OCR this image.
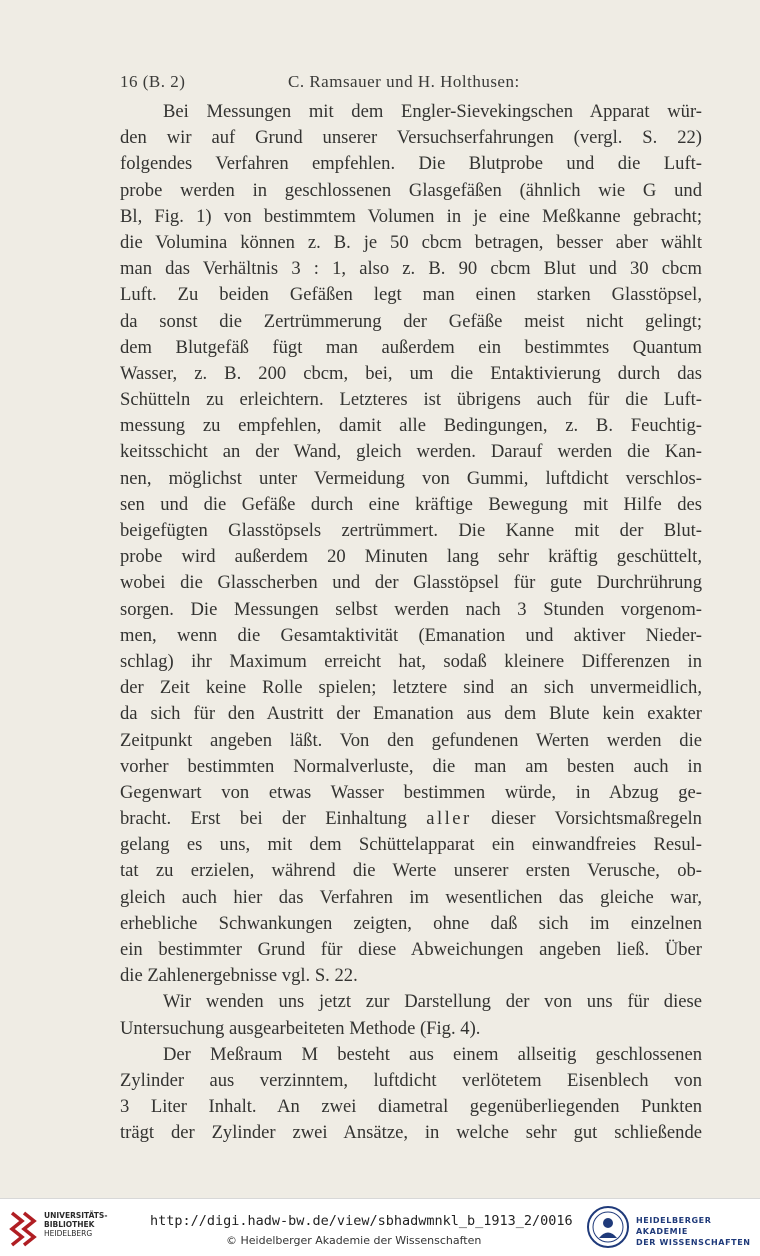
16 (B. 2)	C. Ramsauer und H. Holthusen:
Bei Messungen mit dem Engler-Sievekingschen Apparat wür-
den wir auf Grund unserer Versuchserfahrungen (vergl. S. 22)
folgendes Verfahren empfehlen. Die Blutprobe und die Luft-
probe werden in geschlossenen Glasgefäßen (ähnlich wie G und
Bl, Fig. 1) von bestimmtem Volumen in je eine Meßkanne gebracht;
die Volumina können z. B. je 50 cbcm betragen, besser aber wählt
man das Verhältnis 3 : 1, also z. B. 90 cbcm Blut und 30 cbcm
Luft. Zu beiden Gefäßen legt man einen starken Glasstöpsel,
da sonst die Zertrümmerung der Gefäße meist nicht gelingt;
dem Blutgefäß fügt man außerdem ein bestimmtes Quantum
Wasser, z. B. 200 cbcm, bei, um die Entaktivierung durch das
Schütteln zu erleichtern. Letzteres ist übrigens auch für die Luft-
messung zu empfehlen, damit alle Bedingungen, z. B. Feuchtig-
keitsschicht an der Wand, gleich werden. Darauf werden die Kan-
nen, möglichst unter Vermeidung von Gummi, luftdicht verschlos-
sen und die Gefäße durch eine kräftige Bewegung mit Hilfe des
beigefügten Glasstöpsels zertrümmert. Die Kanne mit der Blut-
probe wird außerdem 20 Minuten lang sehr kräftig geschüttelt,
wobei die Glasscherben und der Glasstöpsel für gute Durchrührung
sorgen. Die Messungen selbst werden nach 3 Stunden vorgenom-
men, wenn die Gesamtaktivität (Emanation und aktiver Nieder-
schlag) ihr Maximum erreicht hat, sodaß kleinere Differenzen in
der Zeit keine Rolle spielen; letztere sind an sich unvermeidlich,
da sich für den Austritt der Emanation aus dem Blute kein exakter
Zeitpunkt angeben läßt. Von den gefundenen Werten werden die
vorher bestimmten Normalverluste, die man am besten auch in
Gegenwart von etwas Wasser bestimmen würde, in Abzug ge-
bracht. Erst bei der Einhaltung aller dieser Vorsichtsmaßregeln
gelang es uns, mit dem Schüttelapparat ein einwandfreies Resul-
tat zu erzielen, während die Werte unserer ersten Verusche, ob-
gleich auch hier das Verfahren im wesentlichen das gleiche war,
erhebliche Schwankungen zeigten, ohne daß sich im einzelnen
ein bestimmter Grund für diese Abweichungen angeben ließ. Über
die Zahlenergebnisse vgl. S. 22.
Wir wenden uns jetzt zur Darstellung der von uns für diese
Untersuchung ausgearbeiteten Methode (Fig. 4).
Der Meßraum M besteht aus einem allseitig geschlossenen
Zylinder aus verzinntem, luftdicht verlötetem Eisenblech von
3 Liter Inhalt. An zwei diametral gegenüberliegenden Punkten
trägt der Zylinder zwei Ansätze, in welche sehr gut schließende
UNIVERSITÄTS-
BIBLIOTHEK
HEIDELBERG
http://digi.hadw-bw.de/view/sbhadwmnkl_b_1913_2/0016
© Heidelberger Akademie der Wissenschaften
HEIDELBERGER AKADEMIE
DER WISSENSCHAFTEN
